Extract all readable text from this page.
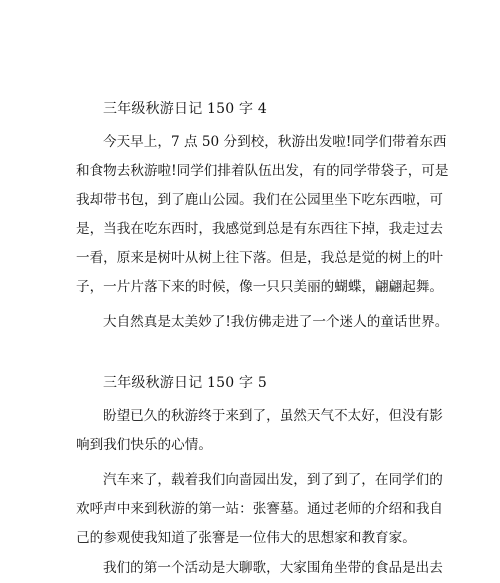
三年级秋游日记 150 字 4
今天早上，7 点 50 分到校，秋游出发啦!同学们带着东西
和食物去秋游啦!同学们排着队伍出发，有的同学带袋子，可是
我却带书包，到了鹿山公园。我们在公园里坐下吃东西啦，可
是，当我在吃东西时，我感觉到总是有东西往下掉，我走过去
一看，原来是树叶从树上往下落。但是，我总是觉的树上的叶
子，一片片落下来的时候，像一只只美丽的蝴蝶，翩翩起舞。
大自然真是太美妙了!我仿佛走进了一个迷人的童话世界。
三年级秋游日记 150 字 5
盼望已久的秋游终于来到了，虽然天气不太好，但没有影
响到我们快乐的心情。
汽车来了，载着我们向啬园出发，到了到了，在同学们的
欢呼声中来到秋游的第一站：张謇墓。通过老师的介绍和我自
己的参观使我知道了张謇是一位伟大的思想家和教育家。
我们的第一个活动是大聊歌，大家围角坐带的食品是出去
